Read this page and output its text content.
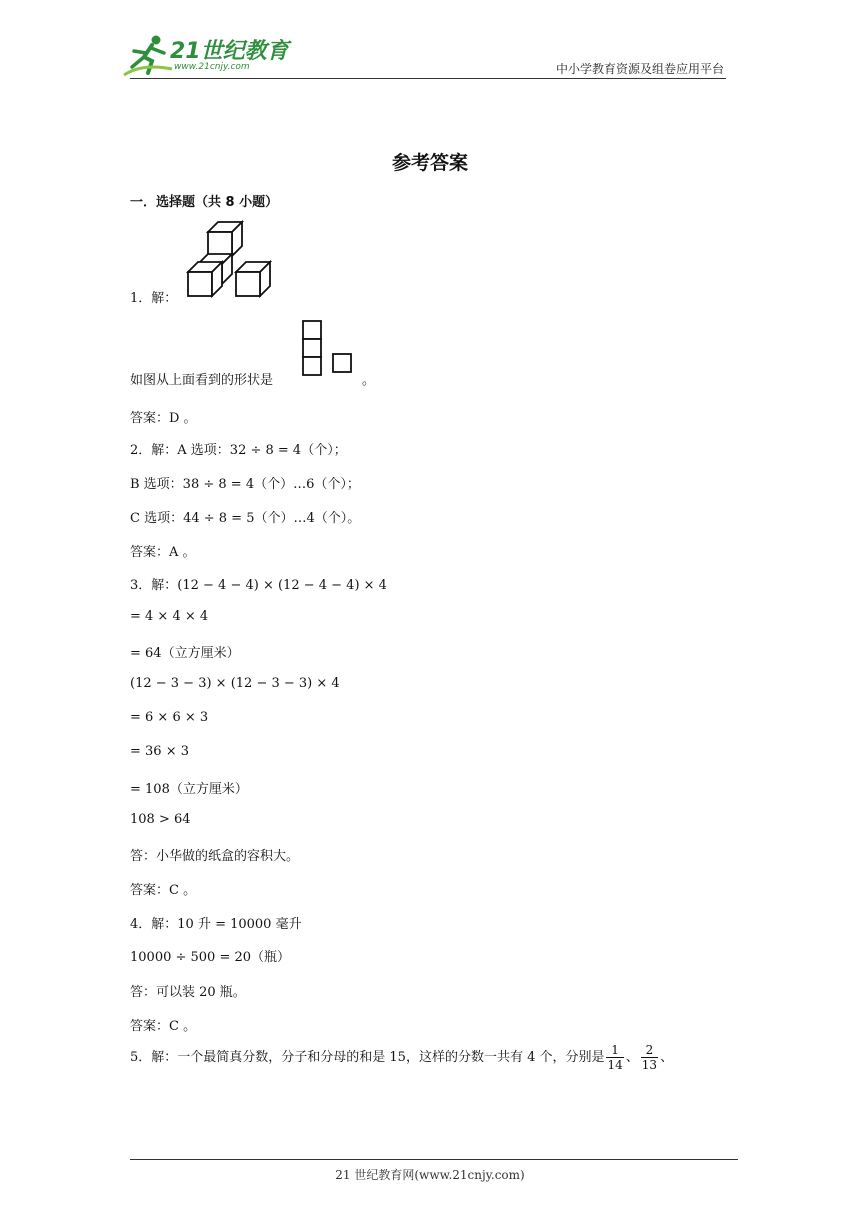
21世纪教育
www.21cnjy.com	中小学教育资源及组卷应用平台
参考答案
一．选择题（共 8 小题）
1．解：
如图从上面看到的形状是	。
答案：D 。
2．解：A 选项：32 ÷ 8 = 4（个）；
B 选项：38 ÷ 8 = 4（个）…6（个）；
C 选项：44 ÷ 8 = 5（个）…4（个）。
答案：A 。
3．解：(12 − 4 − 4) × (12 − 4 − 4) × 4
= 4 × 4 × 4
= 64（立方厘米）
(12 − 3 − 3) × (12 − 3 − 3) × 4
= 6 × 6 × 3
= 36 × 3
= 108（立方厘米）
108 > 64
答：小华做的纸盒的容积大。
答案：C 。
4．解：10 升 = 10000 毫升
10000 ÷ 500 = 20（瓶）
答：可以装 20 瓶。
答案：C 。
5．解：一个最简真分数，分子和分母的和是 15，这样的分数一共有 4 个，分别是 $\frac{1}{14}$ 、 $\frac{2}{13}$ 、
21 世纪教育网(www.21cnjy.com)
